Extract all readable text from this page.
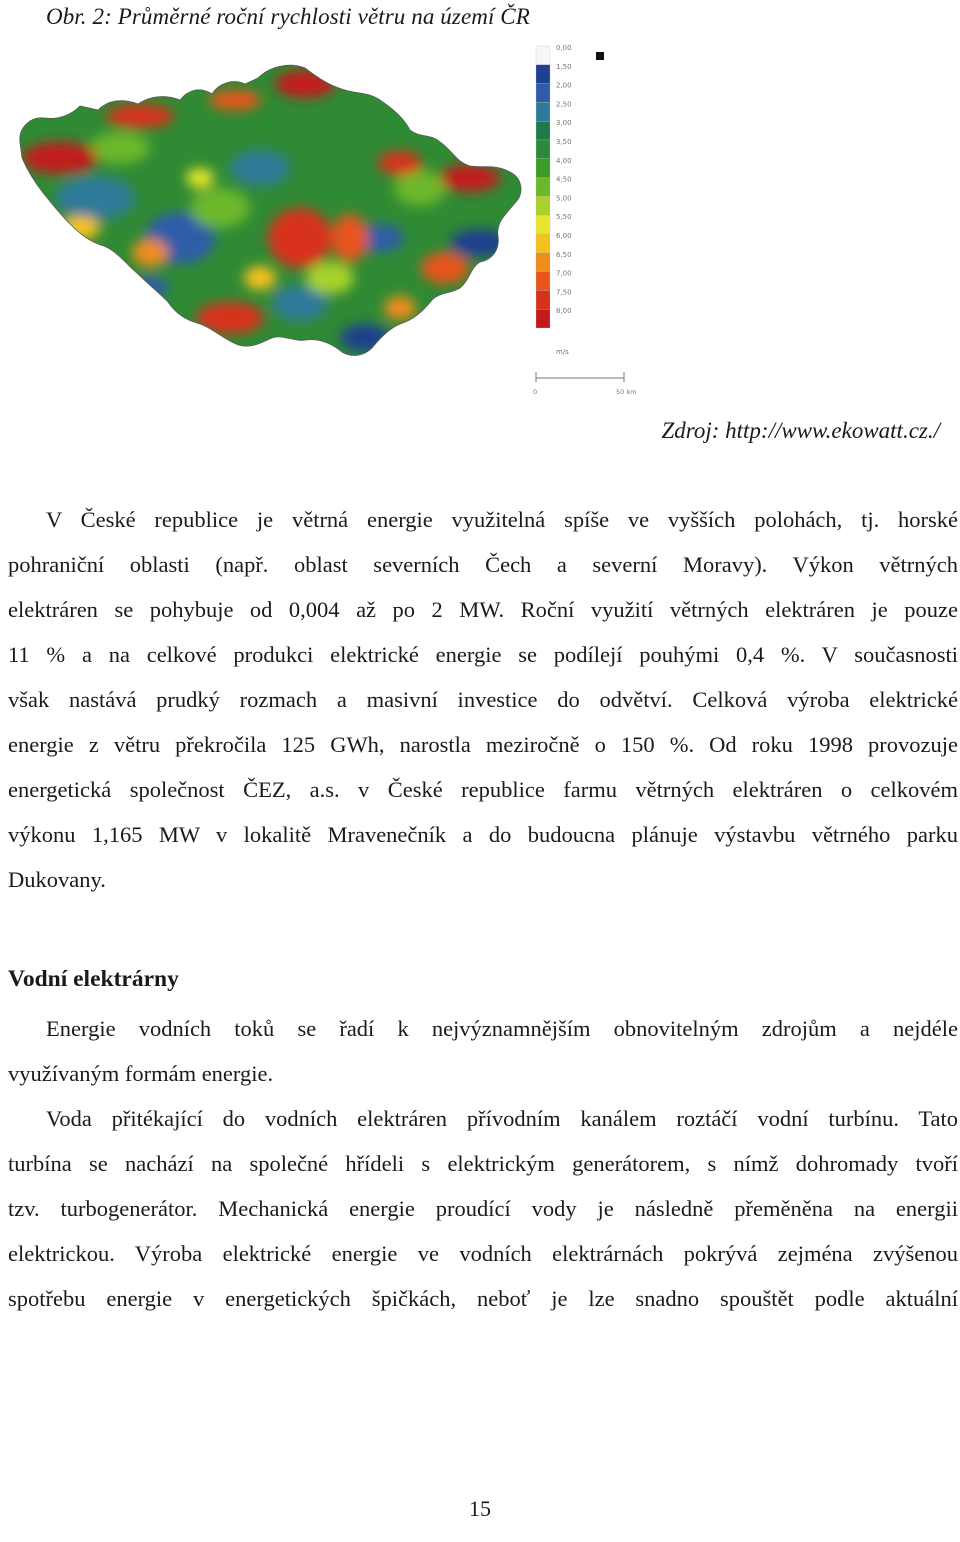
Obr. 2: Průměrné roční rychlosti větru na území ČR
0,00
1,50
2,00
2,50
3,00
3,50
4,00
4,50
5,00
5,50
6,00
6,50
7,00
7,50
8,00
m/s
0	50 km
Zdroj: http://www.ekowatt.cz./
V České republice je větrná energie využitelná spíše ve vyšších polohách, tj. horské
pohraniční oblasti (např. oblast severních Čech a severní Moravy). Výkon větrných
elektráren se pohybuje od 0,004 až po 2 MW. Roční využití větrných elektráren je pouze
11 % a na celkové produkci elektrické energie se podílejí pouhými 0,4 %. V současnosti
však nastává prudký rozmach a masivní investice do odvětví. Celková výroba elektrické
energie z větru překročila 125 GWh, narostla meziročně o 150 %. Od roku 1998 provozuje
energetická společnost ČEZ, a.s. v České republice farmu větrných elektráren o celkovém
výkonu 1,165 MW v lokalitě Mravenečník a do budoucna plánuje výstavbu větrného parku
Dukovany.
Vodní elektrárny
Energie vodních toků se řadí k nejvýznamnějším obnovitelným zdrojům a nejdéle
využívaným formám energie.
Voda přitékající do vodních elektráren přívodním kanálem roztáčí vodní turbínu. Tato
turbína se nachází na společné hřídeli s elektrickým generátorem, s nímž dohromady tvoří
tzv. turbogenerátor. Mechanická energie proudící vody je následně přeměněna na energii
elektrickou. Výroba elektrické energie ve vodních elektrárnách pokrývá zejména zvýšenou
spotřebu energie v energetických špičkách, neboť je lze snadno spouštět podle aktuální
15
